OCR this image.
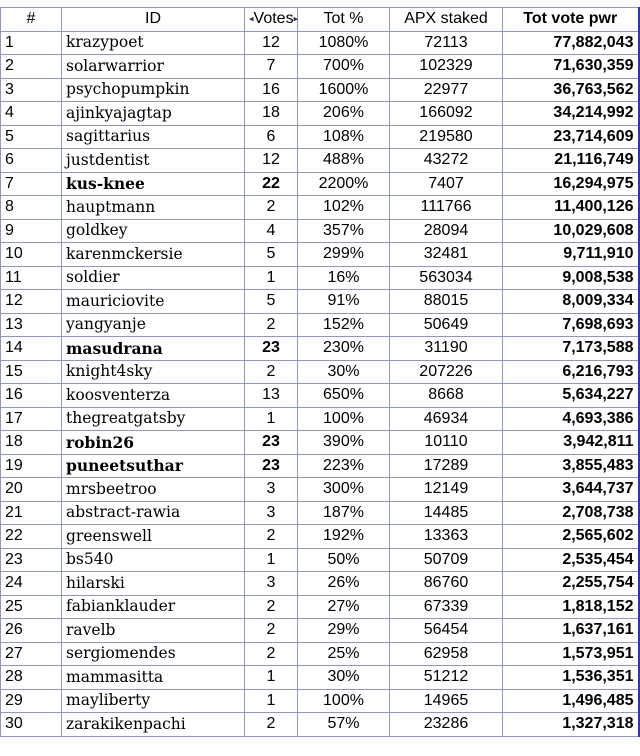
#	ID	◂Votes▸	Tot %	APX staked	Tot vote pwr
1	krazypoet	12	1080%	72113	77,882,043
2	solarwarrior	7	700%	102329	71,630,359
3	psychopumpkin	16	1600%	22977	36,763,562
4	ajinkyajagtap	18	206%	166092	34,214,992
5	sagittarius	6	108%	219580	23,714,609
6	justdentist	12	488%	43272	21,116,749
7	kus-knee	22	2200%	7407	16,294,975
8	hauptmann	2	102%	111766	11,400,126
9	goldkey	4	357%	28094	10,029,608
10	karenmckersie	5	299%	32481	9,711,910
11	soldier	1	16%	563034	9,008,538
12	mauriciovite	5	91%	88015	8,009,334
13	yangyanje	2	152%	50649	7,698,693
14	masudrana	23	230%	31190	7,173,588
15	knight4sky	2	30%	207226	6,216,793
16	koosventerza	13	650%	8668	5,634,227
17	thegreatgatsby	1	100%	46934	4,693,386
18	robin26	23	390%	10110	3,942,811
19	puneetsuthar	23	223%	17289	3,855,483
20	mrsbeetroo	3	300%	12149	3,644,737
21	abstract-rawia	3	187%	14485	2,708,738
22	greenswell	2	192%	13363	2,565,602
23	bs540	1	50%	50709	2,535,454
24	hilarski	3	26%	86760	2,255,754
25	fabianklauder	2	27%	67339	1,818,152
26	ravelb	2	29%	56454	1,637,161
27	sergiomendes	2	25%	62958	1,573,951
28	mammasitta	1	30%	51212	1,536,351
29	mayliberty	1	100%	14965	1,496,485
30	zarakikenpachi	2	57%	23286	1,327,318
